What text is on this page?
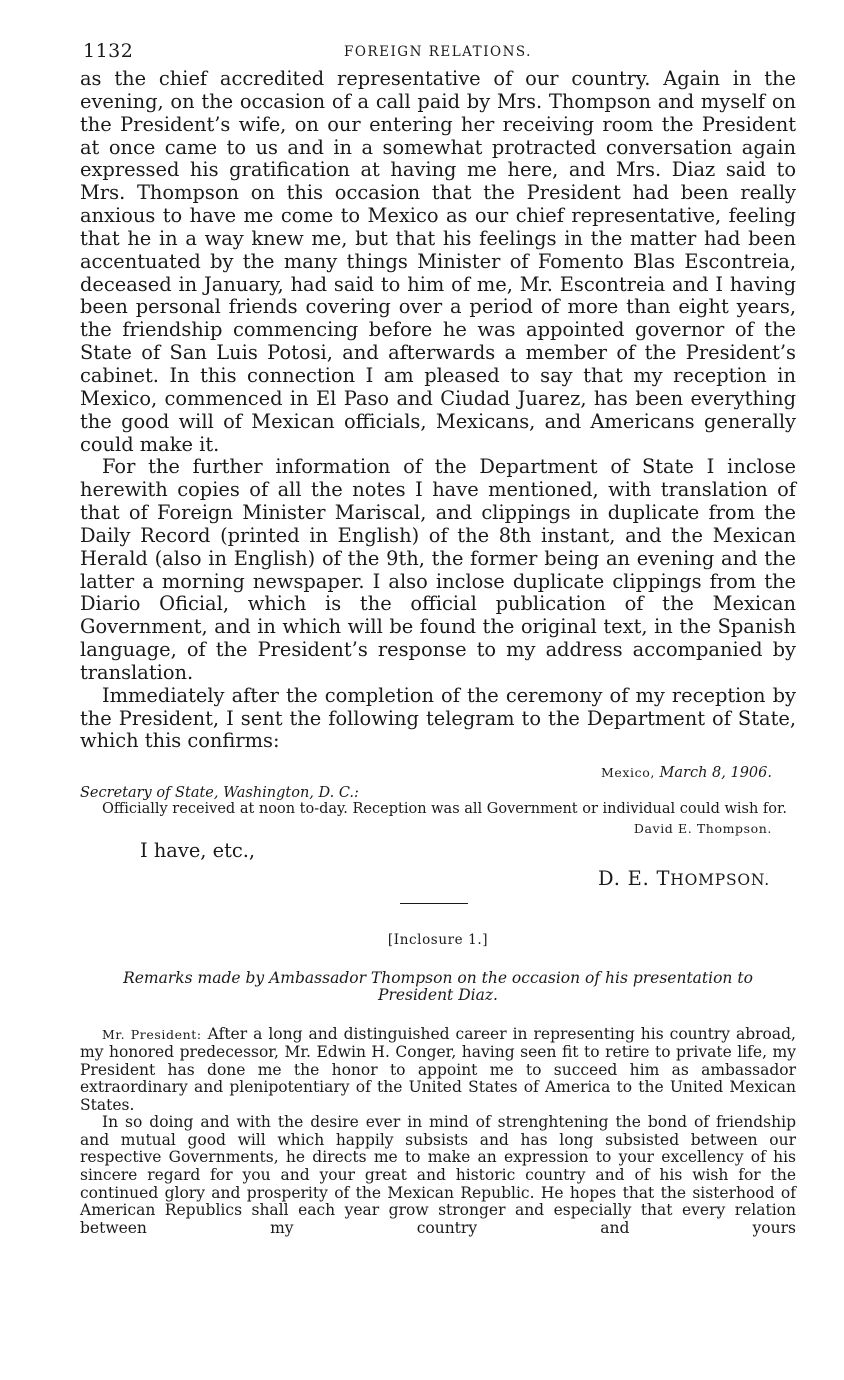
1132	FOREIGN RELATIONS.

as the chief accredited representative of our country. Again in the evening, on the occasion of a call paid by Mrs. Thompson and myself on the President’s wife, on our entering her receiving room the President at once came to us and in a somewhat protracted conversation again expressed his gratification at having me here, and Mrs. Diaz said to Mrs. Thompson on this occasion that the President had been really anxious to have me come to Mexico as our chief representative, feeling that he in a way knew me, but that his feelings in the matter had been accentuated by the many things Minister of Fomento Blas Escontreia, deceased in January, had said to him of me, Mr. Escontreia and I having been personal friends covering over a period of more than eight years, the friendship commencing before he was appointed governor of the State of San Luis Potosi, and afterwards a member of the President’s cabinet. In this connection I am pleased to say that my reception in Mexico, commenced in El Paso and Ciudad Juarez, has been everything the good will of Mexican officials, Mexicans, and Americans generally could make it.

For the further information of the Department of State I inclose herewith copies of all the notes I have mentioned, with translation of that of Foreign Minister Mariscal, and clippings in duplicate from the Daily Record (printed in English) of the 8th instant, and the Mexican Herald (also in English) of the 9th, the former being an evening and the latter a morning newspaper. I also inclose duplicate clippings from the Diario Oficial, which is the official publication of the Mexican Government, and in which will be found the original text, in the Spanish language, of the President’s response to my address accompanied by translation.

Immediately after the completion of the ceremony of my reception by the President, I sent the following telegram to the Department of State, which this confirms:

Mexico, March 8, 1906.
Secretary of State, Washington, D. C.:
Officially received at noon to-day. Reception was all Government or individual could wish for.
David E. Thompson.
I have, etc.,
D. E. THOMPSON.
[Inclosure 1.]
Remarks made by Ambassador Thompson on the occasion of his presentation to President Diaz.

Mr. President: After a long and distinguished career in representing his country abroad, my honored predecessor, Mr. Edwin H. Conger, having seen fit to retire to private life, my President has done me the honor to appoint me to succeed him as ambassador extraordinary and plenipotentiary of the United States of America to the United Mexican States.

In so doing and with the desire ever in mind of strenghtening the bond of friendship and mutual good will which happily subsists and has long subsisted between our respective Governments, he directs me to make an expression to your excellency of his sincere regard for you and your great and historic country and of his wish for the continued glory and prosperity of the Mexican Republic. He hopes that the sisterhood of American Republics shall each year grow stronger and especially that every relation between my country and yours
